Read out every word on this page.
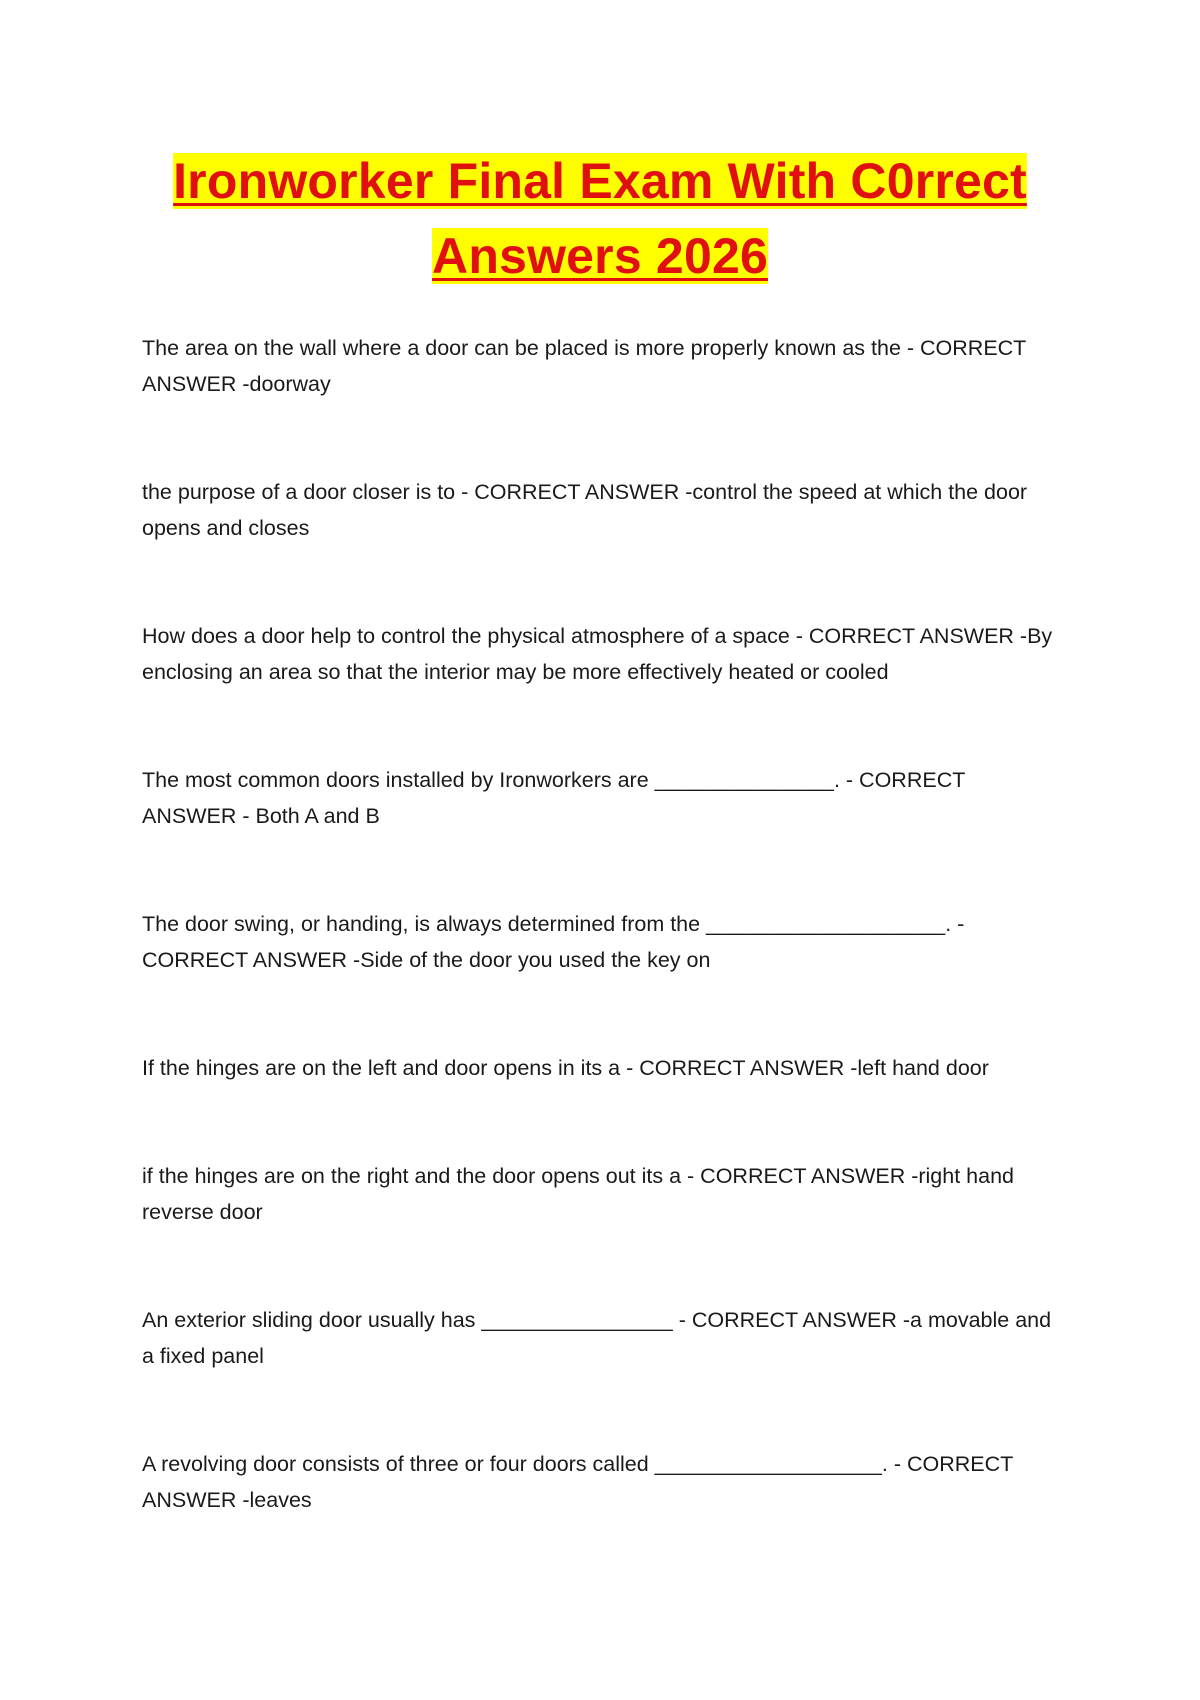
Ironworker Final Exam With C0rrect
Answers 2026
The area on the wall where a door can be placed is more properly known as the - CORRECT ANSWER -doorway
the purpose of a door closer is to - CORRECT ANSWER -control the speed at which the door opens and closes
How does a door help to control the physical atmosphere of a space - CORRECT ANSWER -By enclosing an area so that the interior may be more effectively heated or cooled
The most common doors installed by Ironworkers are _______________. - CORRECT ANSWER - Both A and B
The door swing, or handing, is always determined from the ____________________. - CORRECT ANSWER -Side of the door you used the key on
If the hinges are on the left and door opens in its a - CORRECT ANSWER -left hand door
if the hinges are on the right and the door opens out its a - CORRECT ANSWER -right hand reverse door
An exterior sliding door usually has ________________ - CORRECT ANSWER -a movable and a fixed panel
A revolving door consists of three or four doors called ___________________. - CORRECT ANSWER -leaves
